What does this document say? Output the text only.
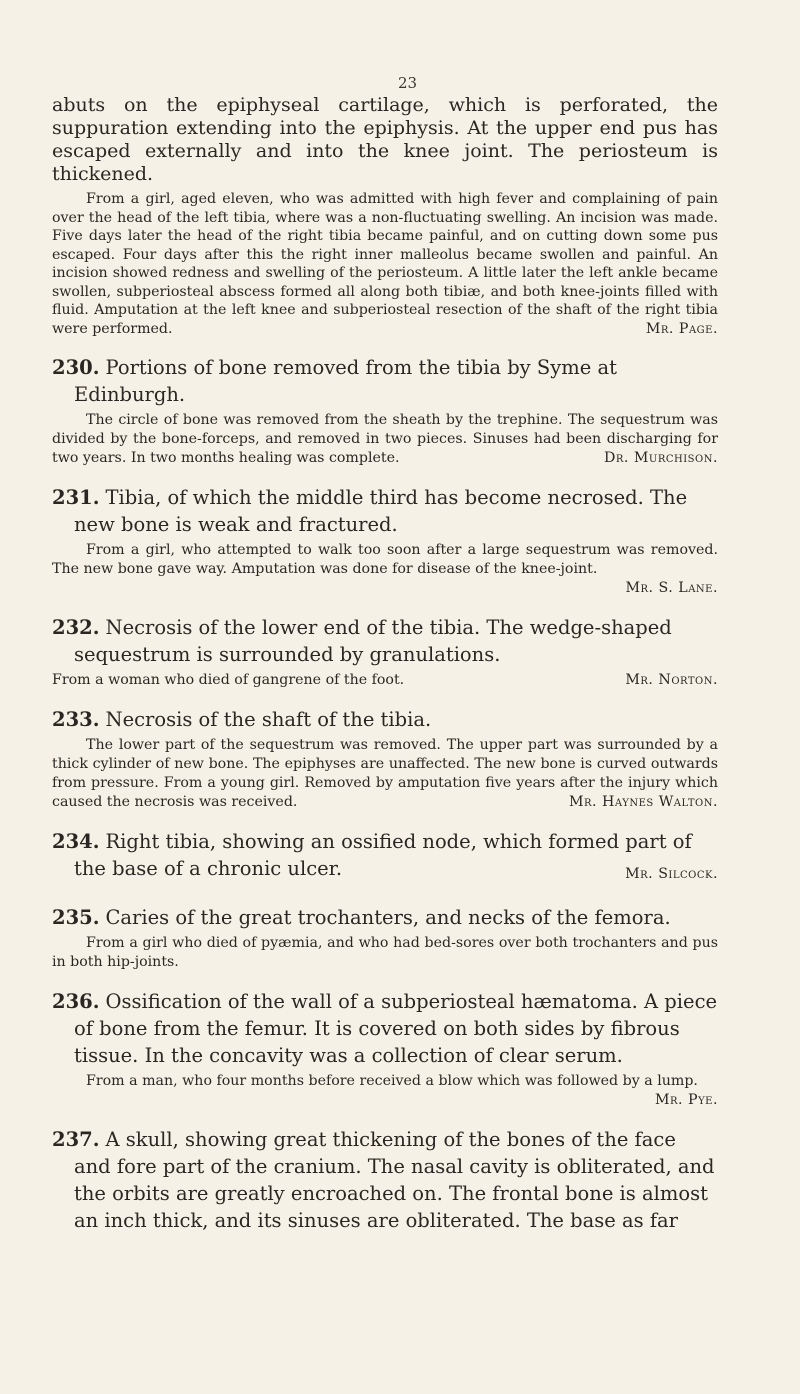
23
abuts on the epiphyseal cartilage, which is perforated, the suppuration extending into the epiphysis. At the upper end pus has escaped externally and into the knee joint. The periosteum is thickened.

From a girl, aged eleven, who was admitted with high fever and complaining of pain over the head of the left tibia, where was a non-fluctuating swelling. An incision was made. Five days later the head of the right tibia became painful, and on cutting down some pus escaped. Four days after this the right inner malleolus became swollen and painful. An incision showed redness and swelling of the periosteum. A little later the left ankle became swollen, subperiosteal abscess formed all along both tibiæ, and both knee-joints filled with fluid. Amputation at the left knee and subperiosteal resection of the shaft of the right tibia were performed.	Mr. Page.

230. Portions of bone removed from the tibia by Syme at Edinburgh.

The circle of bone was removed from the sheath by the trephine. The sequestrum was divided by the bone-forceps, and removed in two pieces. Sinuses had been discharging for two years. In two months healing was complete.	Dr. Murchison.

231. Tibia, of which the middle third has become necrosed. The new bone is weak and fractured.

From a girl, who attempted to walk too soon after a large sequestrum was removed. The new bone gave way. Amputation was done for disease of the knee-joint.

Mr. S. Lane.

232. Necrosis of the lower end of the tibia. The wedge-shaped sequestrum is surrounded by granulations.

From a woman who died of gangrene of the foot.	Mr. Norton.

233. Necrosis of the shaft of the tibia.

The lower part of the sequestrum was removed. The upper part was surrounded by a thick cylinder of new bone. The epiphyses are unaffected. The new bone is curved outwards from pressure. From a young girl. Removed by amputation five years after the injury which caused the necrosis was received.	Mr. Haynes Walton.

234. Right tibia, showing an ossified node, which formed part of the base of a chronic ulcer.	Mr. Silcock.

235. Caries of the great trochanters, and necks of the femora.

From a girl who died of pyæmia, and who had bed-sores over both trochanters and pus in both hip-joints.

236. Ossification of the wall of a subperiosteal hæmatoma. A piece of bone from the femur. It is covered on both sides by fibrous tissue. In the concavity was a collection of clear serum.

From a man, who four months before received a blow which was followed by a lump.
Mr. Pye.

237. A skull, showing great thickening of the bones of the face and fore part of the cranium. The nasal cavity is obliterated, and the orbits are greatly encroached on. The frontal bone is almost an inch thick, and its sinuses are obliterated. The base as far
